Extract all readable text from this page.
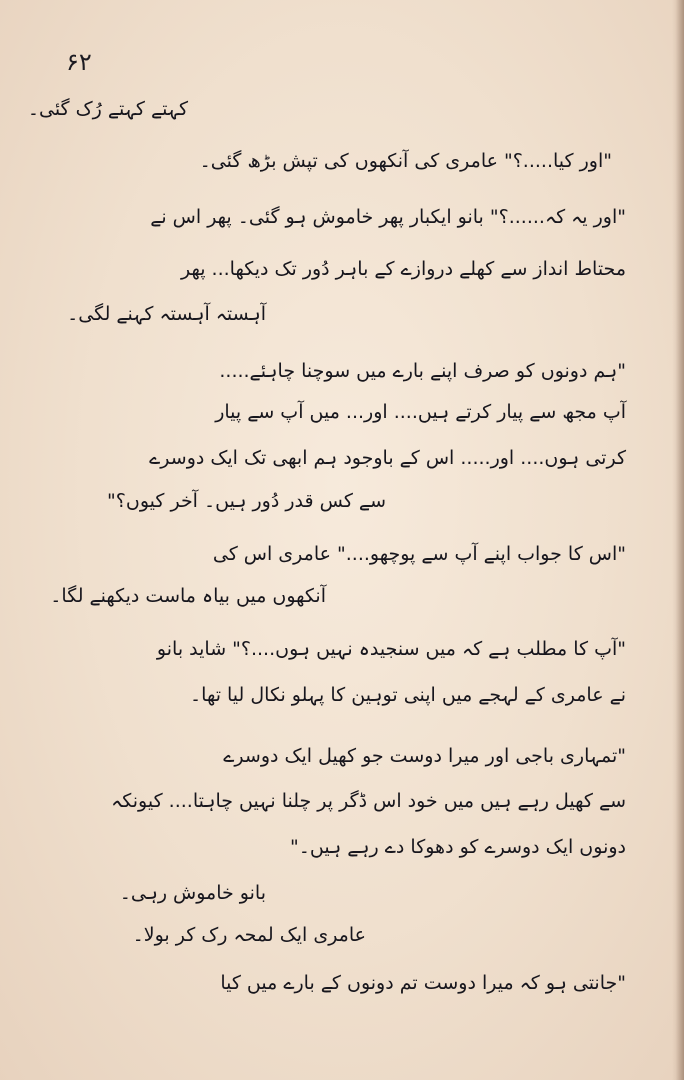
۶۲
کہتے کہتے رُک گئی۔
"اور کیا.....؟" عامری کی آنکھوں کی تپش بڑھ گئی۔
"اور یہ کہ......؟" بانو ایکبار پھر خاموش ہو گئی۔ پھر اس نے
محتاط انداز سے کھلے دروازے کے باہر دُور تک دیکھا... پھر
آہستہ آہستہ کہنے لگی۔
"ہم دونوں کو صرف اپنے بارے میں سوچنا چاہئے.....
آپ مجھ سے پیار کرتے ہیں.... اور... میں آپ سے پیار
کرتی ہوں.... اور..... اس کے باوجود ہم ابھی تک ایک دوسرے
سے کس قدر دُور ہیں۔ آخر کیوں؟"
"اس کا جواب اپنے آپ سے پوچھو...." عامری اس کی
آنکھوں میں بیاہ ماست دیکھنے لگا۔
"آپ کا مطلب ہے کہ میں سنجیدہ نہیں ہوں....؟" شاید بانو
نے عامری کے لہجے میں اپنی توہین کا پہلو نکال لیا تھا۔
"تمہاری باجی اور میرا دوست جو کھیل ایک دوسرے
سے کھیل رہے ہیں میں خود اس ڈگر پر چلنا نہیں چاہتا.... کیونکہ
دونوں ایک دوسرے کو دھوکا دے رہے ہیں۔"
بانو خاموش رہی۔
عامری ایک لمحہ رک کر بولا۔
"جانتی ہو کہ میرا دوست تم دونوں کے بارے میں کیا
